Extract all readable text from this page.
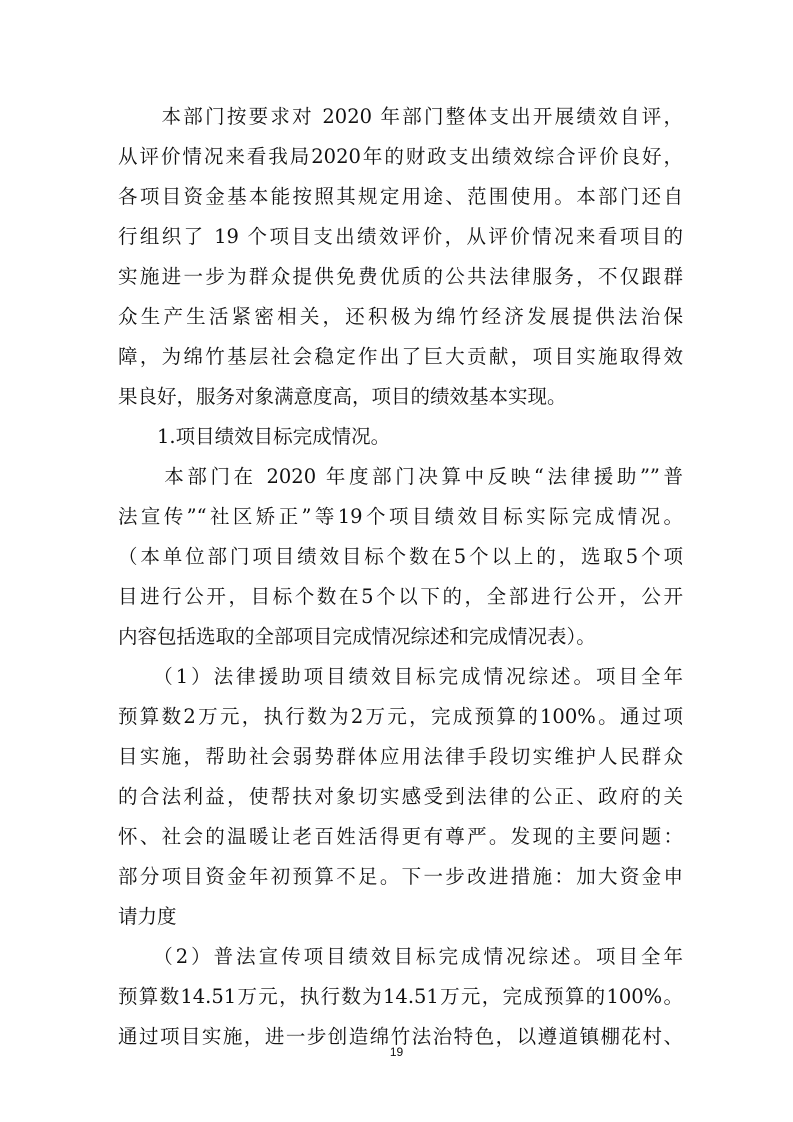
　　本部门按要求对 2020 年部门整体支出开展绩效自评，
从评价情况来看我局2020年的财政支出绩效综合评价良好，
各项目资金基本能按照其规定用途、范围使用。本部门还自
行组织了 19 个项目支出绩效评价，从评价情况来看项目的
实施进一步为群众提供免费优质的公共法律服务，不仅跟群
众生产生活紧密相关，还积极为绵竹经济发展提供法治保
障，为绵竹基层社会稳定作出了巨大贡献，项目实施取得效
果良好，服务对象满意度高，项目的绩效基本实现。
　　1.项目绩效目标完成情况。
　　本部门在 2020 年度部门决算中反映“法律援助””普
法宣传”“社区矫正”等19个项目绩效目标实际完成情况。
（本单位部门项目绩效目标个数在5个以上的，选取5个项
目进行公开，目标个数在5个以下的，全部进行公开，公开
内容包括选取的全部项目完成情况综述和完成情况表）。
　　（1）法律援助项目绩效目标完成情况综述。项目全年
预算数2万元，执行数为2万元，完成预算的100%。通过项
目实施，帮助社会弱势群体应用法律手段切实维护人民群众
的合法利益，使帮扶对象切实感受到法律的公正、政府的关
怀、社会的温暖让老百姓活得更有尊严。发现的主要问题：
部分项目资金年初预算不足。下一步改进措施：加大资金申
请力度
　　（2）普法宣传项目绩效目标完成情况综述。项目全年
预算数14.51万元，执行数为14.51万元，完成预算的100%。
通过项目实施，进一步创造绵竹法治特色，以遵道镇棚花村、
19
